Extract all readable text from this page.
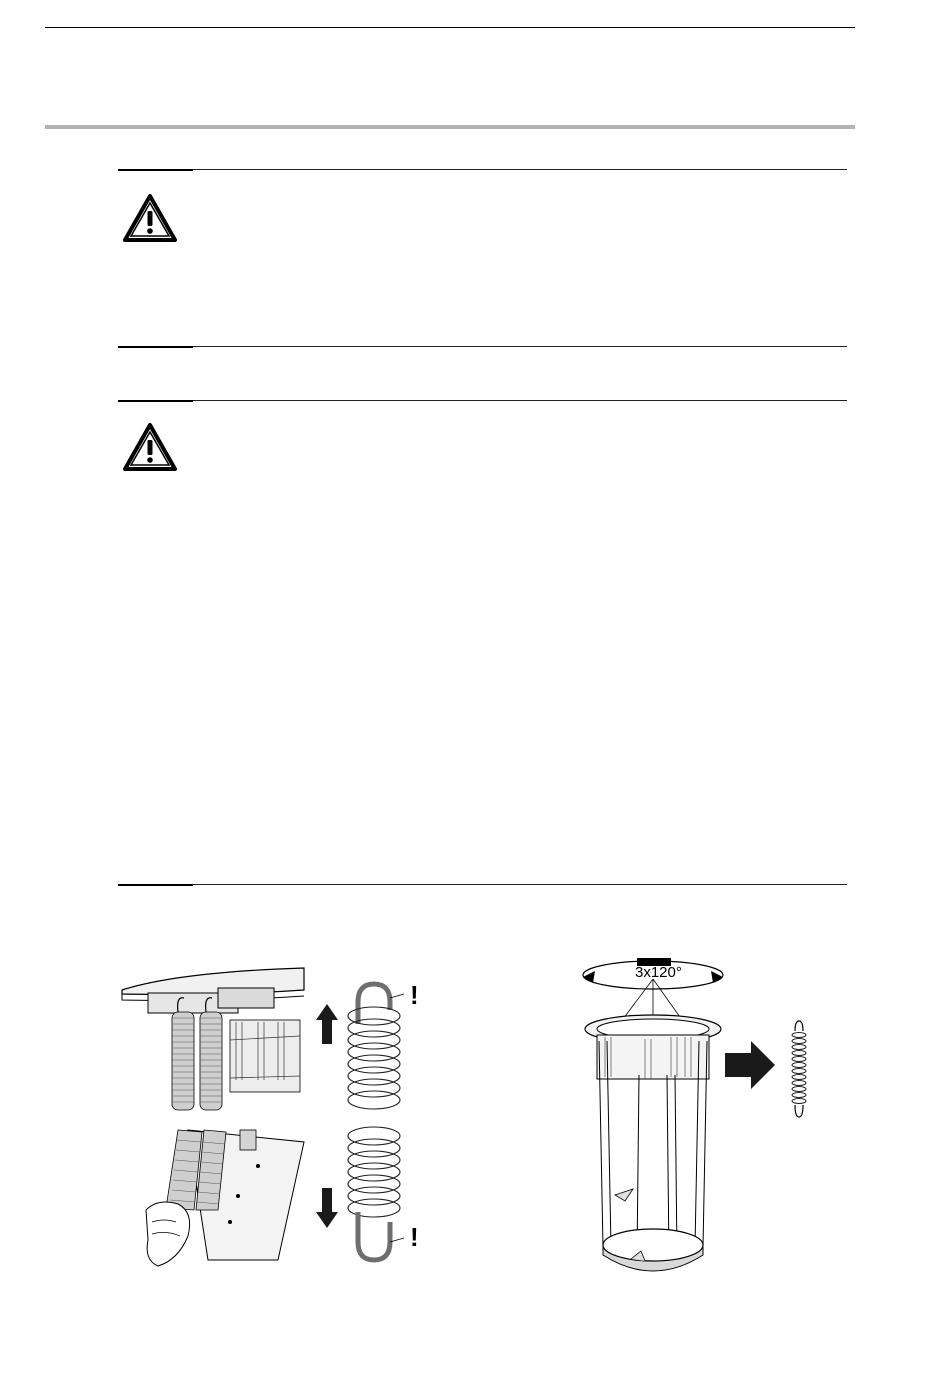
!
!
3x120°
